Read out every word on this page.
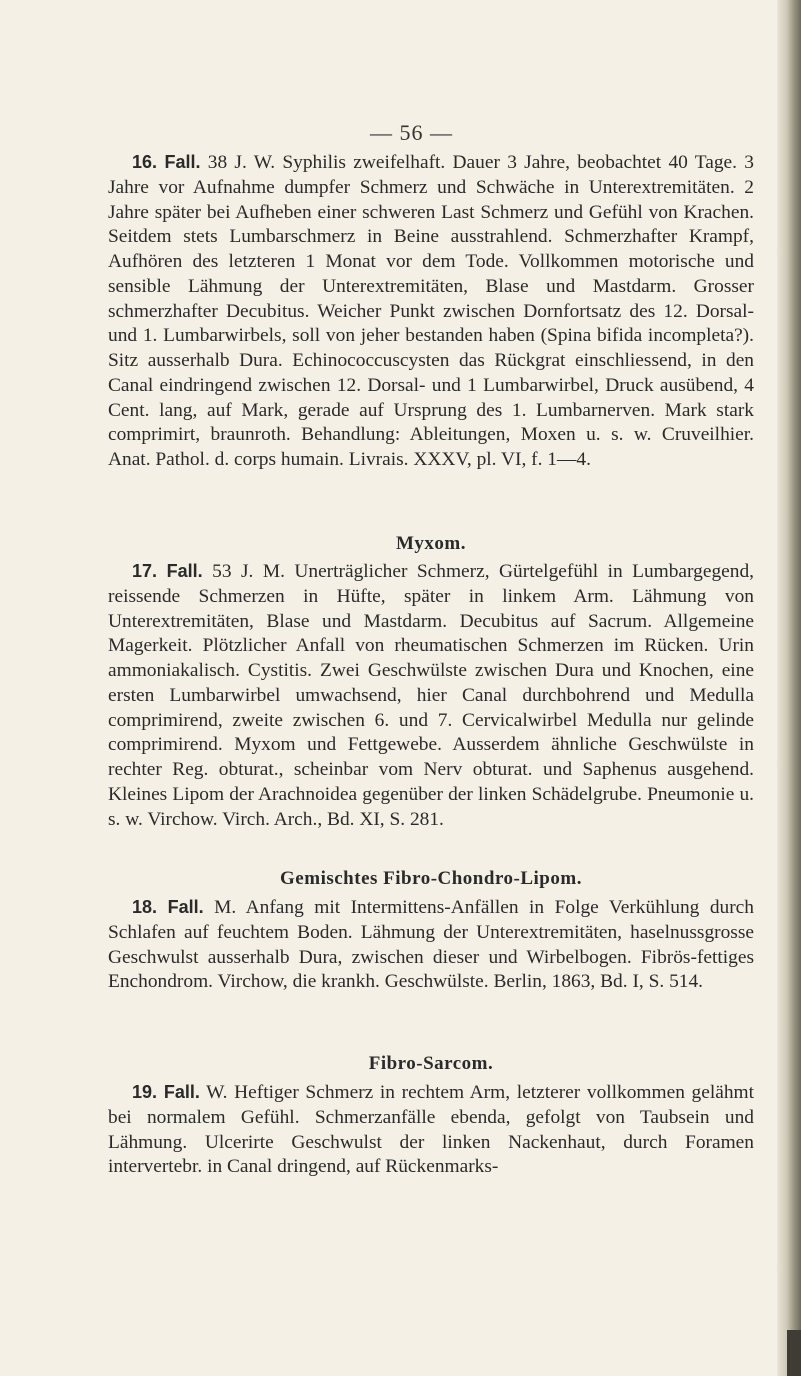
— 56 —

16. Fall. 38 J. W. Syphilis zweifelhaft. Dauer 3 Jahre, beobachtet 40 Tage. 3 Jahre vor Aufnahme dumpfer Schmerz und Schwäche in Unterextremitäten. 2 Jahre später bei Aufheben einer schweren Last Schmerz und Gefühl von Krachen. Seitdem stets Lumbarschmerz in Beine ausstrahlend. Schmerzhafter Krampf, Aufhören des letzteren 1 Monat vor dem Tode. Vollkommen motorische und sensible Lähmung der Unterextremitäten, Blase und Mastdarm. Grosser schmerzhafter Decubitus. Weicher Punkt zwischen Dornfortsatz des 12. Dorsal- und 1. Lumbarwirbels, soll von jeher bestanden haben (Spina bifida incompleta?). Sitz ausserhalb Dura. Echinococcuscysten das Rückgrat einschliessend, in den Canal eindringend zwischen 12. Dorsal- und 1 Lumbarwirbel, Druck ausübend, 4 Cent. lang, auf Mark, gerade auf Ursprung des 1. Lumbarnerven. Mark stark comprimirt, braunroth. Behandlung: Ableitungen, Moxen u. s. w. Cruveilhier. Anat. Pathol. d. corps humain. Livrais. XXXV, pl. VI, f. 1—4.

Myxom.

17. Fall. 53 J. M. Unerträglicher Schmerz, Gürtelgefühl in Lumbargegend, reissende Schmerzen in Hüfte, später in linkem Arm. Lähmung von Unterextremitäten, Blase und Mastdarm. Decubitus auf Sacrum. Allgemeine Magerkeit. Plötzlicher Anfall von rheumatischen Schmerzen im Rücken. Urin ammoniakalisch. Cystitis. Zwei Geschwülste zwischen Dura und Knochen, eine ersten Lumbarwirbel umwachsend, hier Canal durchbohrend und Medulla comprimirend, zweite zwischen 6. und 7. Cervicalwirbel Medulla nur gelinde comprimirend. Myxom und Fettgewebe. Ausserdem ähnliche Geschwülste in rechter Reg. obturat., scheinbar vom Nerv obturat. und Saphenus ausgehend. Kleines Lipom der Arachnoidea gegenüber der linken Schädelgrube. Pneumonie u. s. w. Virchow. Virch. Arch., Bd. XI, S. 281.

Gemischtes Fibro-Chondro-Lipom.

18. Fall. M. Anfang mit Intermittens-Anfällen in Folge Verkühlung durch Schlafen auf feuchtem Boden. Lähmung der Unterextremitäten, haselnussgrosse Geschwulst ausserhalb Dura, zwischen dieser und Wirbelbogen. Fibrös-fettiges Enchondrom. Virchow, die krankh. Geschwülste. Berlin, 1863, Bd. I, S. 514.

Fibro-Sarcom.

19. Fall. W. Heftiger Schmerz in rechtem Arm, letzterer vollkommen gelähmt bei normalem Gefühl. Schmerzanfälle ebenda, gefolgt von Taubsein und Lähmung. Ulcerirte Geschwulst der linken Nackenhaut, durch Foramen intervertebr. in Canal dringend, auf Rückenmarks-
